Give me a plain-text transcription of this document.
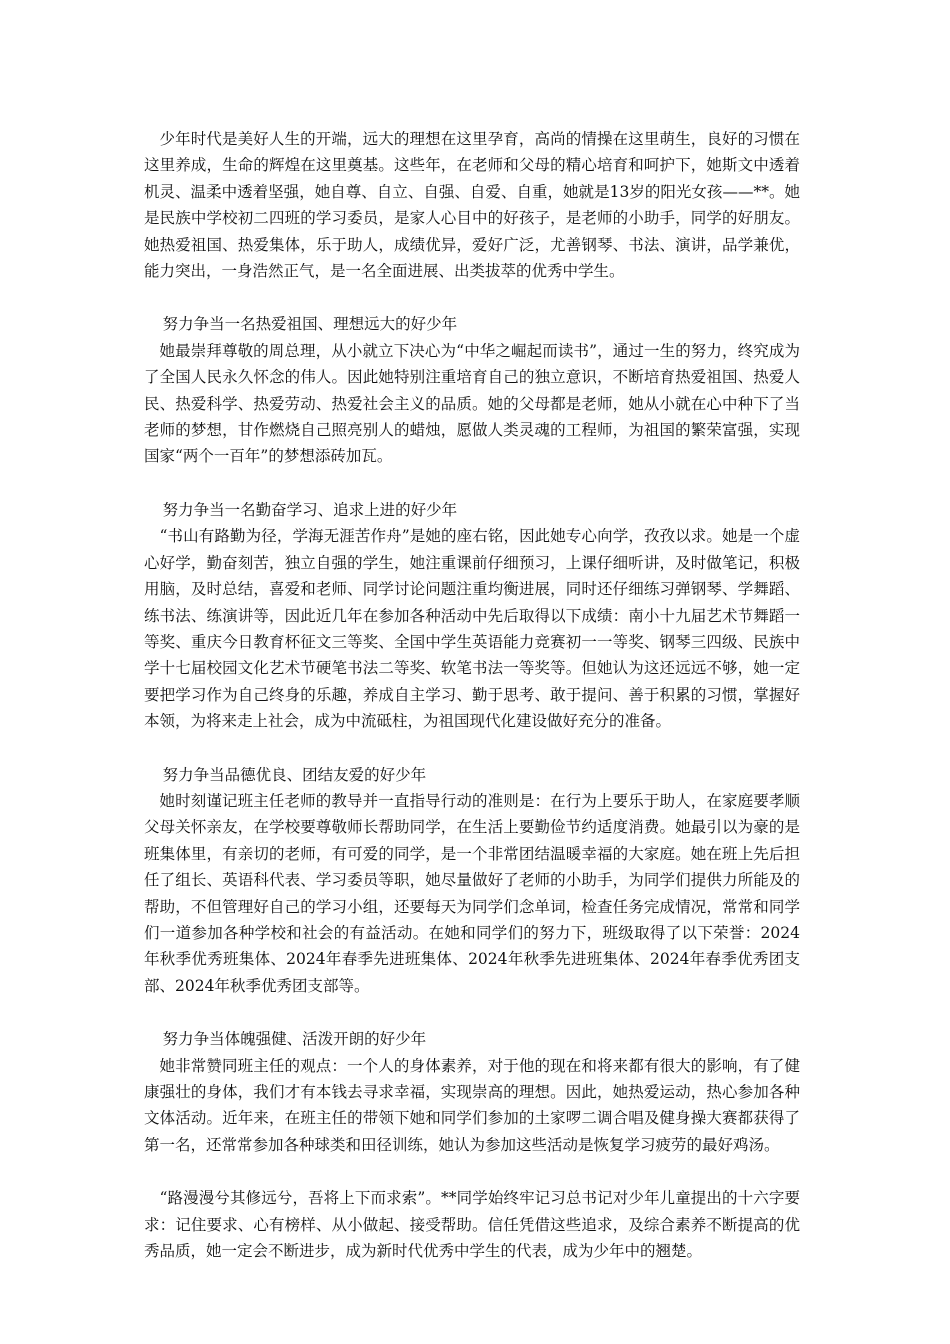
少年时代是美好人生的开端，远大的理想在这里孕育，高尚的情操在这里萌生，良好的习惯在这里养成，生命的辉煌在这里奠基。这些年，在老师和父母的精心培育和呵护下，她斯文中透着机灵、温柔中透着坚强，她自尊、自立、自强、自爱、自重，她就是13岁的阳光女孩——**。她是民族中学校初二四班的学习委员，是家人心目中的好孩子，是老师的小助手，同学的好朋友。她热爱祖国、热爱集体，乐于助人，成绩优异，爱好广泛，尤善钢琴、书法、演讲，品学兼优，能力突出，一身浩然正气，是一名全面进展、出类拔萃的优秀中学生。

努力争当一名热爱祖国、理想远大的好少年

她最崇拜尊敬的周总理，从小就立下决心为“中华之崛起而读书”，通过一生的努力，终究成为了全国人民永久怀念的伟人。因此她特别注重培育自己的独立意识，不断培育热爱祖国、热爱人民、热爱科学、热爱劳动、热爱社会主义的品质。她的父母都是老师，她从小就在心中种下了当老师的梦想，甘作燃烧自己照亮别人的蜡烛，愿做人类灵魂的工程师，为祖国的繁荣富强，实现国家“两个一百年”的梦想添砖加瓦。

努力争当一名勤奋学习、追求上进的好少年

“书山有路勤为径，学海无涯苦作舟”是她的座右铭，因此她专心向学，孜孜以求。她是一个虚心好学，勤奋刻苦，独立自强的学生，她注重课前仔细预习，上课仔细听讲，及时做笔记，积极用脑，及时总结，喜爱和老师、同学讨论问题注重均衡进展，同时还仔细练习弹钢琴、学舞蹈、练书法、练演讲等，因此近几年在参加各种活动中先后取得以下成绩：南小十九届艺术节舞蹈一等奖、重庆今日教育杯征文三等奖、全国中学生英语能力竞赛初一一等奖、钢琴三四级、民族中学十七届校园文化艺术节硬笔书法二等奖、软笔书法一等奖等。但她认为这还远远不够，她一定要把学习作为自己终身的乐趣，养成自主学习、勤于思考、敢于提问、善于积累的习惯，掌握好本领，为将来走上社会，成为中流砥柱，为祖国现代化建设做好充分的准备。

努力争当品德优良、团结友爱的好少年

她时刻谨记班主任老师的教导并一直指导行动的准则是：在行为上要乐于助人，在家庭要孝顺父母关怀亲友，在学校要尊敬师长帮助同学，在生活上要勤俭节约适度消费。她最引以为豪的是班集体里，有亲切的老师，有可爱的同学，是一个非常团结温暖幸福的大家庭。她在班上先后担任了组长、英语科代表、学习委员等职，她尽量做好了老师的小助手，为同学们提供力所能及的帮助，不但管理好自己的学习小组，还要每天为同学们念单词，检查任务完成情况，常常和同学们一道参加各种学校和社会的有益活动。在她和同学们的努力下，班级取得了以下荣誉：2024年秋季优秀班集体、2024年春季先进班集体、2024年秋季先进班集体、2024年春季优秀团支部、2024年秋季优秀团支部等。

努力争当体魄强健、活泼开朗的好少年

她非常赞同班主任的观点：一个人的身体素养，对于他的现在和将来都有很大的影响，有了健康强壮的身体，我们才有本钱去寻求幸福，实现崇高的理想。因此，她热爱运动，热心参加各种文体活动。近年来，在班主任的带领下她和同学们参加的土家啰二调合唱及健身操大赛都获得了第一名，还常常参加各种球类和田径训练，她认为参加这些活动是恢复学习疲劳的最好鸡汤。

“路漫漫兮其修远兮，吾将上下而求索”。**同学始终牢记习总书记对少年儿童提出的十六字要求：记住要求、心有榜样、从小做起、接受帮助。信任凭借这些追求，及综合素养不断提高的优秀品质，她一定会不断进步，成为新时代优秀中学生的代表，成为少年中的翘楚。
